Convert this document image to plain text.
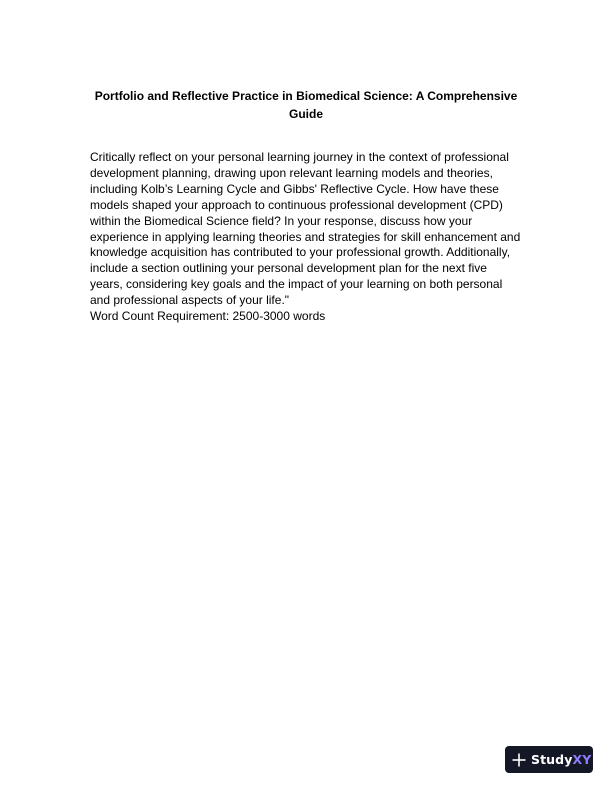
Portfolio and Reflective Practice in Biomedical Science: A Comprehensive
Guide
Critically reflect on your personal learning journey in the context of professional
development planning, drawing upon relevant learning models and theories,
including Kolb’s Learning Cycle and Gibbs' Reflective Cycle. How have these
models shaped your approach to continuous professional development (CPD)
within the Biomedical Science field? In your response, discuss how your
experience in applying learning theories and strategies for skill enhancement and
knowledge acquisition has contributed to your professional growth. Additionally,
include a section outlining your personal development plan for the next five
years, considering key goals and the impact of your learning on both personal
and professional aspects of your life."
Word Count Requirement: 2500-3000 words
StudyXY
